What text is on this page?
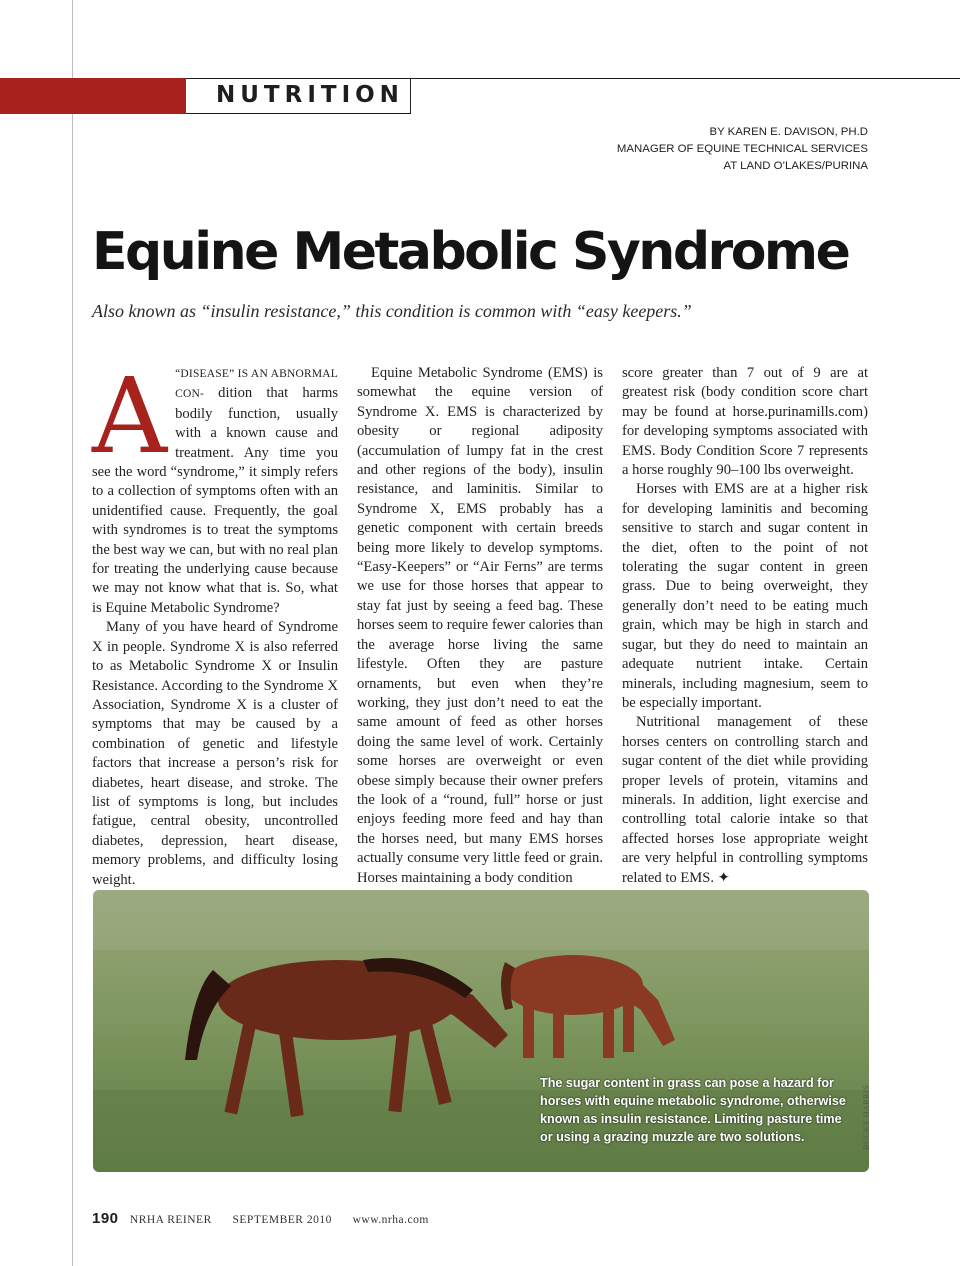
NUTRITION
BY KAREN E. DAVISON, PH.D
MANAGER OF EQUINE TECHNICAL SERVICES
AT LAND O’LAKES/PURINA
Equine Metabolic Syndrome

Also known as “insulin resistance,” this condition is common with “easy keepers.”

A “DISEASE” IS AN ABNORMAL CON- dition that harms bodily function, usually with a known cause and treatment. Any time you see the word “syndrome,” it simply refers to a collection of symptoms often with an unidentified cause. Frequently, the goal with syndromes is to treat the symptoms the best way we can, but with no real plan for treating the underlying cause because we may not know what that is. So, what is Equine Metabolic Syndrome?

Many of you have heard of Syndrome X in people. Syndrome X is also referred to as Metabolic Syndrome X or Insulin Resistance. According to the Syndrome X Association, Syndrome X is a cluster of symptoms that may be caused by a combination of genetic and lifestyle factors that increase a person’s risk for diabetes, heart disease, and stroke. The list of symptoms is long, but includes fatigue, central obesity, uncontrolled diabetes, depression, heart disease, memory problems, and difficulty losing weight.

Equine Metabolic Syndrome (EMS) is somewhat the equine version of Syndrome X. EMS is characterized by obesity or regional adiposity (accumulation of lumpy fat in the crest and other regions of the body), insulin resistance, and laminitis. Similar to Syndrome X, EMS probably has a genetic component with certain breeds being more likely to develop symptoms. “Easy-Keepers” or “Air Ferns” are terms we use for those horses that appear to stay fat just by seeing a feed bag. These horses seem to require fewer calories than the average horse living the same lifestyle. Often they are pasture ornaments, but even when they’re working, they just don’t need to eat the same amount of feed as other horses doing the same level of work. Certainly some horses are overweight or even obese simply because their owner prefers the look of a “round, full” horse or just enjoys feeding more feed and hay than the horses need, but many EMS horses actually consume very little feed or grain. Horses maintaining a body condition

score greater than 7 out of 9 are at greatest risk (body condition score chart may be found at horse.purinamills.com) for developing symptoms associated with EMS. Body Condition Score 7 represents a horse roughly 90–100 lbs overweight.

Horses with EMS are at a higher risk for developing laminitis and becoming sensitive to starch and sugar content in the diet, often to the point of not tolerating the sugar content in green grass. Due to being overweight, they generally don’t need to be eating much grain, which may be high in starch and sugar, but they do need to maintain an adequate nutrient intake. Certain minerals, including magnesium, seem to be especially important.

Nutritional management of these horses centers on controlling starch and sugar content of the diet while providing proper levels of protein, vitamins and minerals. In addition, light exercise and controlling total calorie intake so that affected horses lose appropriate weight are very helpful in controlling symptoms related to EMS. ✦

The sugar content in grass can pose a hazard for horses with equine metabolic syndrome, otherwise known as insulin resistance. Limiting pasture time or using a grazing muzzle are two solutions.	BUCKY HARRIS
190 NRHA REINER SEPTEMBER 2010 www.nrha.com
